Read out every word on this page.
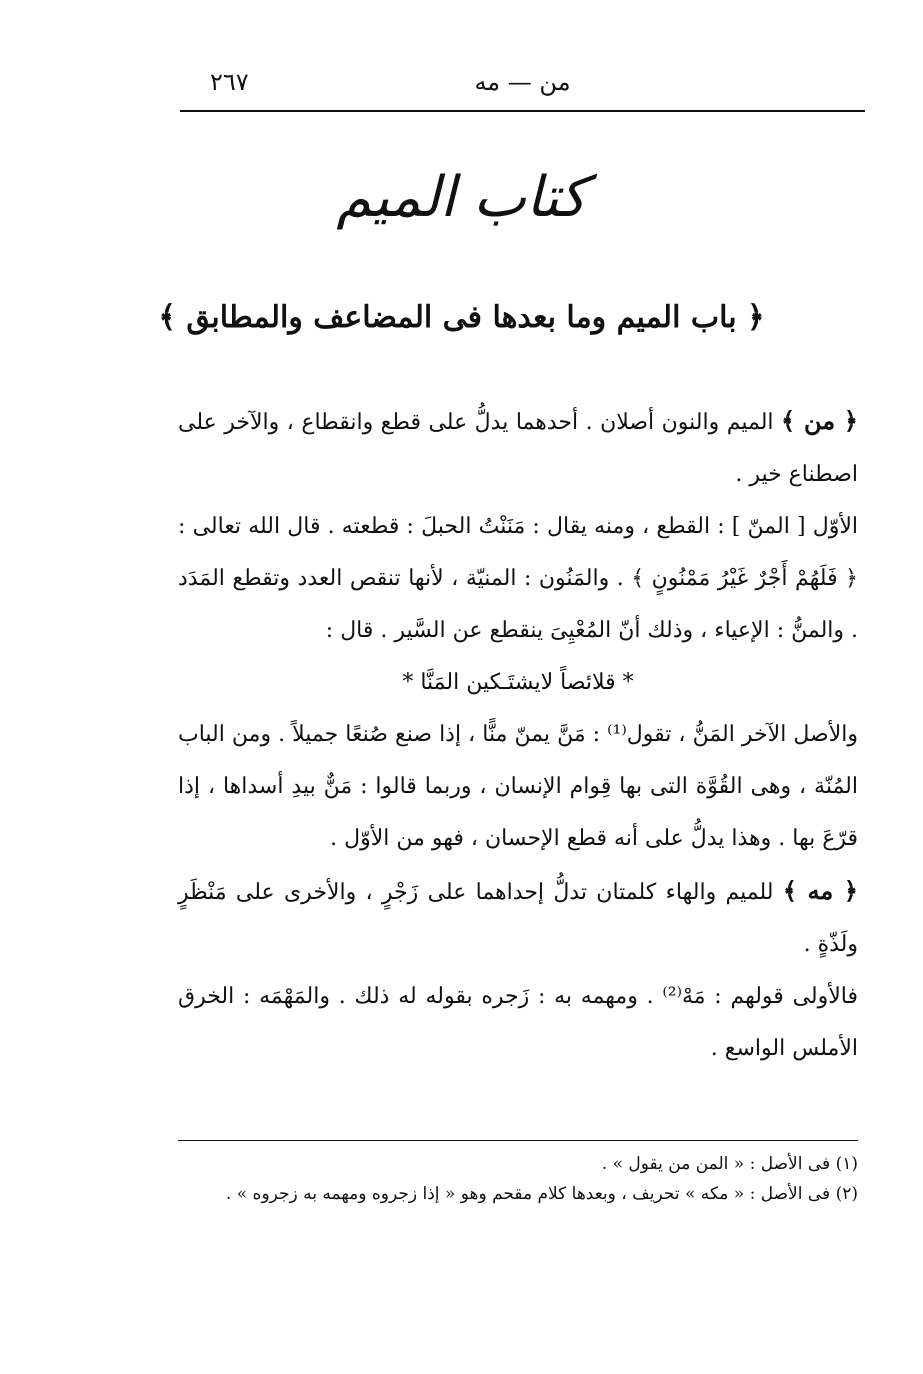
٢٦٧	من — مه
كتاب الميم
﴿ باب الميم وما بعدها فى المضاعف والمطابق ﴾

﴿ من ﴾ الميم والنون أصلان . أحدهما يدلُّ على قطع وانقطاع ، والآخر على اصطناع خير .

الأوّل [ المنّ ] : القطع ، ومنه يقال : مَنَنْتُ الحبلَ : قطعته . قال الله تعالى : ﴿ فَلَهُمْ أَجْرٌ غَيْرُ مَمْنُونٍ ﴾ . والمَنُون : المنيّة ، لأنها تنقص العدد وتقطع المَدَد . والمنُّ : الإعياء ، وذلك أنّ المُعْيِىَ ينقطع عن السَّير . قال :

* قلائصاً لايشتَـكين المَنَّا *

والأصل الآخر المَنُّ ، تقول⁽¹⁾ : مَنَّ يمنّ منًّا ، إذا صنع صُنعًا جميلاً . ومن الباب المُنّة ، وهى القُوَّة التى بها قِوام الإنسان ، وربما قالوا : مَنٌّ بيدِ أسداها ، إذا قرّعَ بها . وهذا يدلُّ على أنه قطع الإحسان ، فهو من الأوّل .

﴿ مه ﴾ للميم والهاء كلمتان تدلُّ إحداهما على زَجْرٍ ، والأخرى على مَنْظَرٍ ولَذّةٍ .

فالأولى قولهم : مَهْ⁽²⁾ . ومهمه به : زَجره بقوله له ذلك . والمَهْمَه : الخرق الأملس الواسع .

(١) فى الأصل : « المن من يقول » .
(٢) فى الأصل : « مكه » تحريف ، وبعدها كلام مقحم وهو « إذا زجروه ومهمه به زجروه » .
